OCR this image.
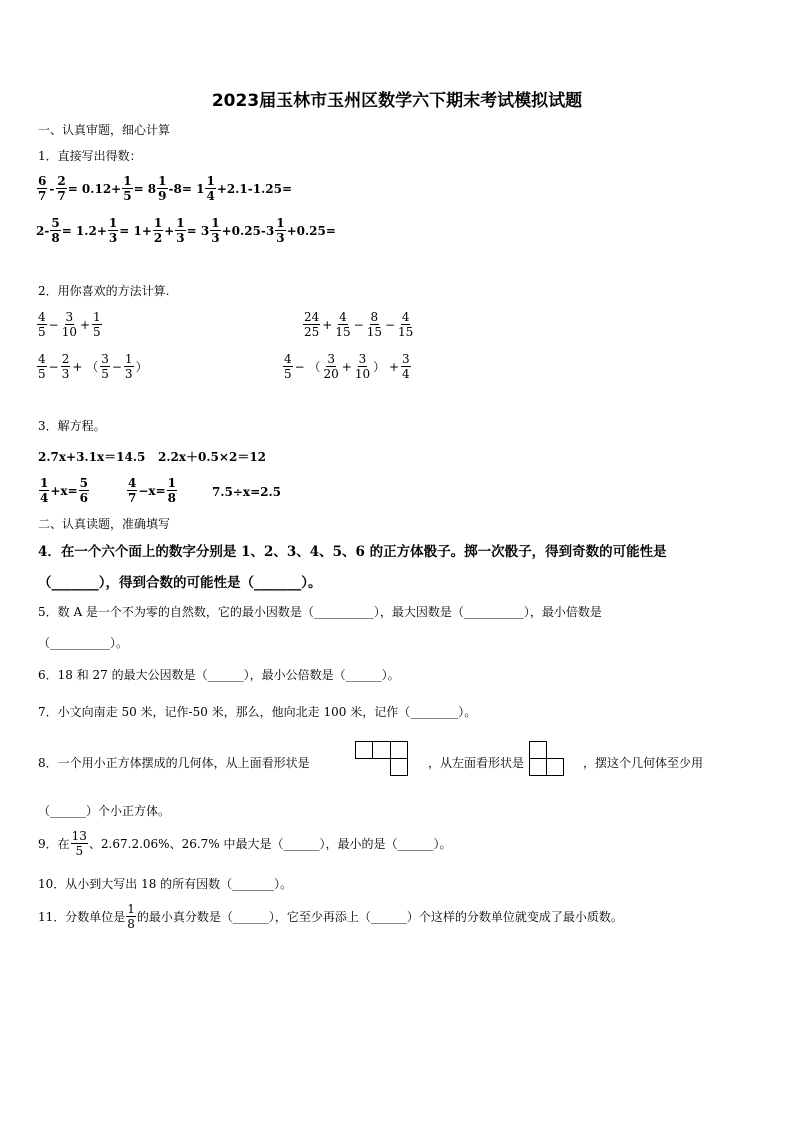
2023届玉林市玉州区数学六下期末考试模拟试题
一、认真审题，细心计算
1．直接写出得数：
$\frac{6}{7} - \frac{2}{7} = 0.12+ \frac{1}{5} = 8 \frac{1}{9} -8= 1 \frac{1}{4} +2.1-1.25=$
$2- \frac{5}{8} = 1.2+ \frac{1}{3} = 1+ \frac{1}{2} + \frac{1}{3} = 3 \frac{1}{3} +0.25-3 \frac{1}{3} +0.25=$
2．用你喜欢的方法计算.
$\frac{4}{5} - \frac{3}{10} + \frac{1}{5}$	$\frac{24}{25} + \frac{4}{15} - \frac{8}{15} - \frac{4}{15}$
$\frac{4}{5} - \frac{2}{3}$ + （ $\frac{3}{5} - \frac{1}{3}$ ）	$\frac{4}{5}$ − （ $\frac{3}{20} + \frac{3}{10}$ ） + $\frac{3}{4}$
3．解方程。
2.7x+3.1x＝14.5 2.2x＋0.5×2＝12
$\frac{1}{4} +x= \frac{5}{6}$	$\frac{4}{7} -x= \frac{1}{8}$	7.5÷x=2.5
二、认真读题，准确填写
4．在一个六个面上的数字分别是 1、2、3、4、5、6 的正方体骰子。掷一次骰子，得到奇数的可能性是
（_______），得到合数的可能性是（_______）。
5．数 A 是一个不为零的自然数，它的最小因数是（__________），最大因数是（__________），最小倍数是
（__________）。
6．18 和 27 的最大公因数是（______），最小公倍数是（______）。
7．小文向南走 50 米，记作-50 米，那么，他向北走 100 米，记作（________）。
8．一个用小正方体摆成的几何体，从上面看形状是	，从左面看形状是	，摆这个几何体至少用
（______）个小正方体。
9．在 $\frac{13}{5}$ 、2.67.2.06%、26.7% 中最大是（______），最小的是（______）。
10．从小到大写出 18 的所有因数（_______）。
11．分数单位是 $\frac{1}{8}$ 的最小真分数是（______），它至少再添上（______）个这样的分数单位就变成了最小质数。
